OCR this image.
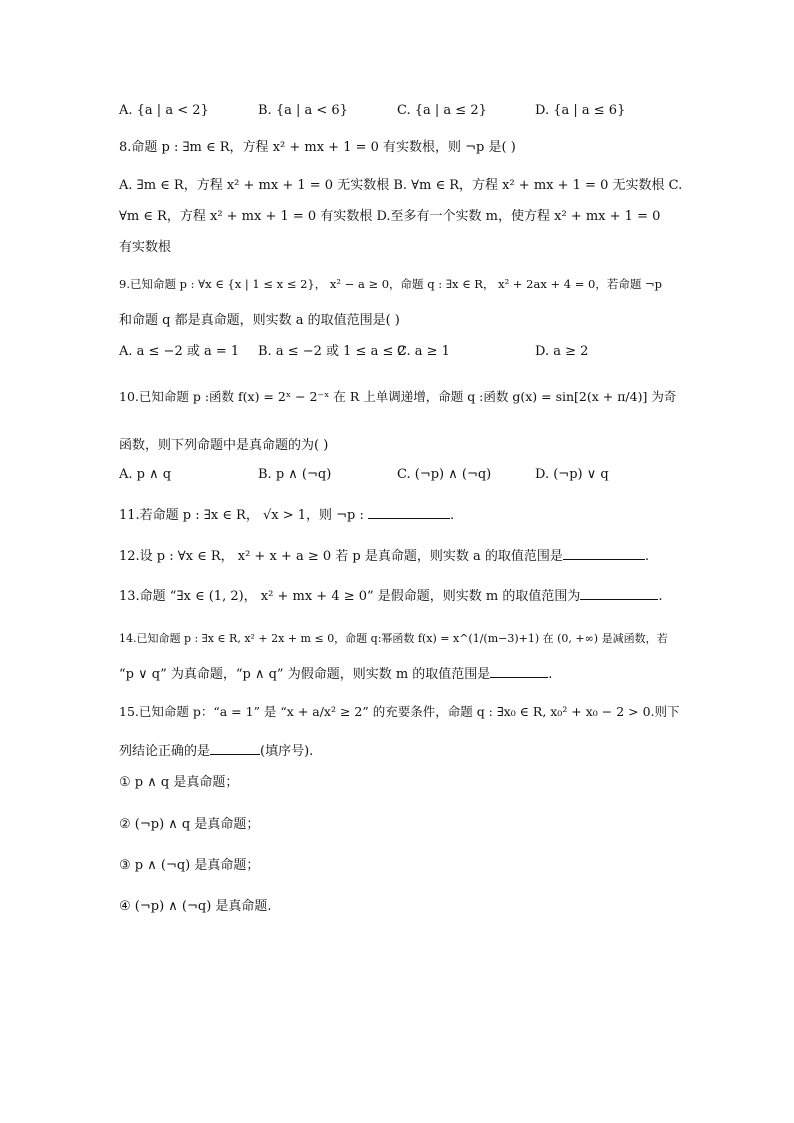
A. {a | a < 2}	B. {a | a < 6}	C. {a | a ≤ 2}	D. {a | a ≤ 6}
8.命题 p : ∃m ∈ R，方程 x² + mx + 1 = 0 有实数根，则 ¬p 是( )
A. ∃m ∈ R，方程 x² + mx + 1 = 0 无实数根 B. ∀m ∈ R，方程 x² + mx + 1 = 0 无实数根 C.
∀m ∈ R，方程 x² + mx + 1 = 0 有实数根 D.至多有一个实数 m，使方程 x² + mx + 1 = 0
有实数根
9.已知命题 p : ∀x ∈ {x | 1 ≤ x ≤ 2}， x² − a ≥ 0，命题 q : ∃x ∈ R， x² + 2ax + 4 = 0，若命题 ¬p
和命题 q 都是真命题，则实数 a 的取值范围是( )
A. a ≤ −2 或 a = 1 B. a ≤ −2 或 1 ≤ a ≤ 2
C. a ≥ 1	D. a ≥ 2
10.已知命题 p :函数 f(x) = 2ˣ − 2⁻ˣ 在 R 上单调递增，命题 q :函数 g(x) = sin[2(x + π/4)] 为奇
函数，则下列命题中是真命题的为( )
A. p ∧ q	B. p ∧ (¬q)	C. (¬p) ∧ (¬q)	D. (¬p) ∨ q
11.若命题 p : ∃x ∈ R， √x > 1，则 ¬p :	.
12.设 p : ∀x ∈ R， x² + x + a ≥ 0 若 p 是真命题，则实数 a 的取值范围是	.
13.命题 “∃x ∈ (1, 2)， x² + mx + 4 ≥ 0” 是假命题，则实数 m 的取值范围为	.
14.已知命题 p : ∃x ∈ R, x² + 2x + m ≤ 0，命题 q:幂函数 f(x) = x^(1/(m−3)+1) 在 (0, +∞) 是减函数，若
“p ∨ q” 为真命题，“p ∧ q” 为假命题，则实数 m 的取值范围是	.
15.已知命题 p：“a = 1” 是 “x + a/x² ≥ 2” 的充要条件，命题 q : ∃x₀ ∈ R, x₀² + x₀ − 2 > 0.则下
列结论正确的是	(填序号).
① p ∧ q 是真命题；
② (¬p) ∧ q 是真命题；
③ p ∧ (¬q) 是真命题；
④ (¬p) ∧ (¬q) 是真命题.
